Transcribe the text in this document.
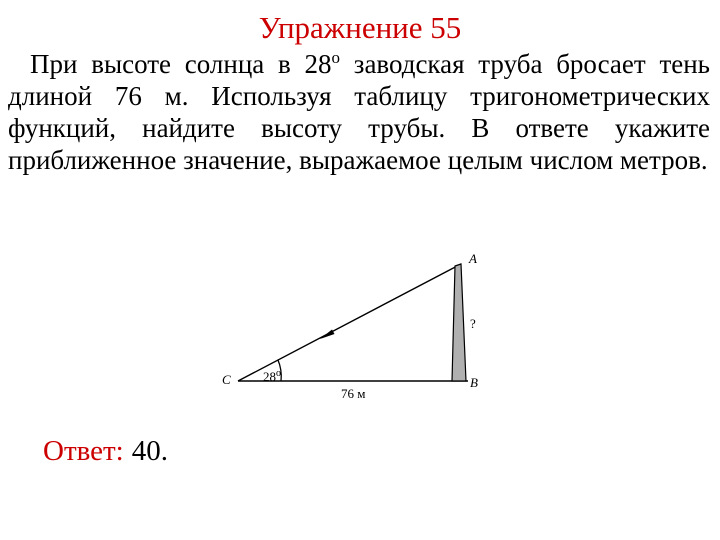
Упражнение 55

При высоте солнца в $28^о$ заводская труба бросает тень длиной 76 м. Используя таблицу тригонометрических функций, найдите высоту трубы. В ответе укажите приближенное значение, выражаемое целым числом метров.

A
B
C 28$^o$
76 м
?
Ответ: 40.
